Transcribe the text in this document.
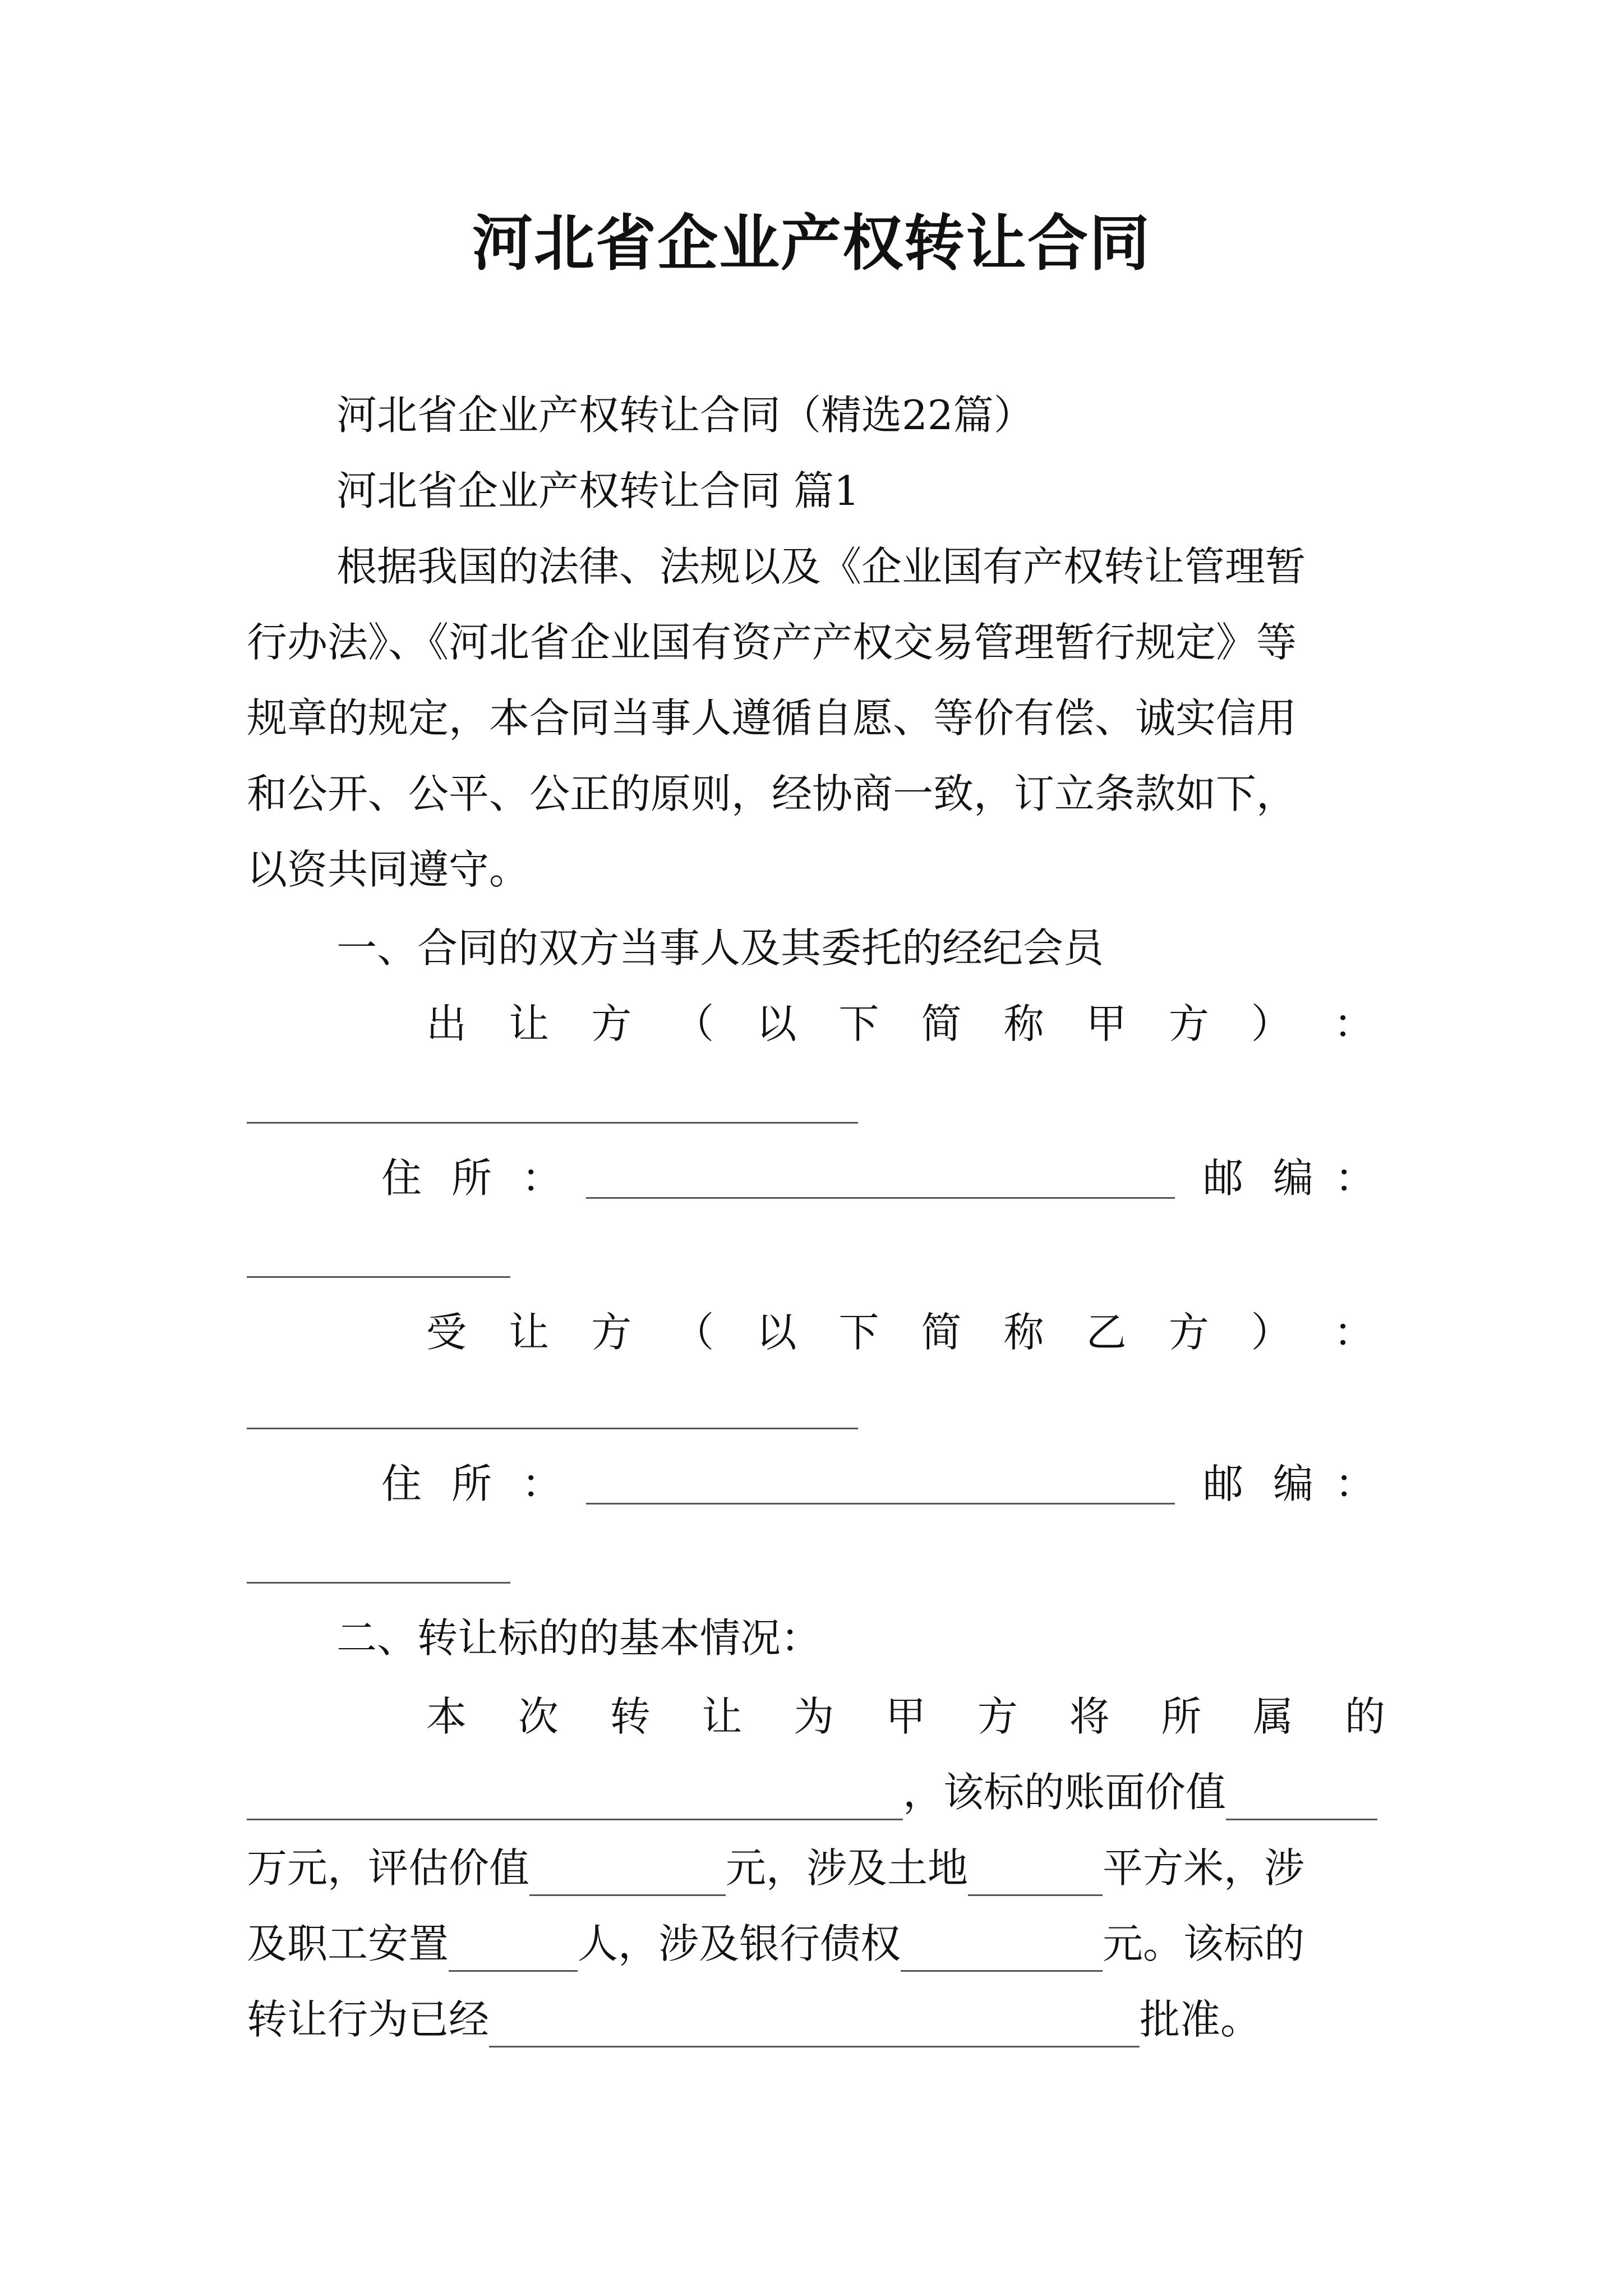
河北省企业产权转让合同
河北省企业产权转让合同（精选22篇）
河北省企业产权转让合同 篇1
根据我国的法律、法规以及《企业国有产权转让管理暂
行办法》、《河北省企业国有资产产权交易管理暂行规定》等
规章的规定，本合同当事人遵循自愿、等价有偿、诚实信用
和公开、公平、公正的原则，经协商一致，订立条款如下，
以资共同遵守。
一、合同的双方当事人及其委托的经纪会员
出 让 方 （ 以 下 简 称 甲 方 ） ：
住 所 ：	邮 编 ：
受 让 方 （ 以 下 简 称 乙 方 ） ：
住 所 ：	邮 编 ：
二、转让标的的基本情况：
本 次 转 让 为 甲 方 将 所 属 的
，该标的账面价值
万元，评估价值	元，涉及土地	平方米，涉
及职工安置	人，涉及银行债权	元。该标的
转让行为已经	批准。
